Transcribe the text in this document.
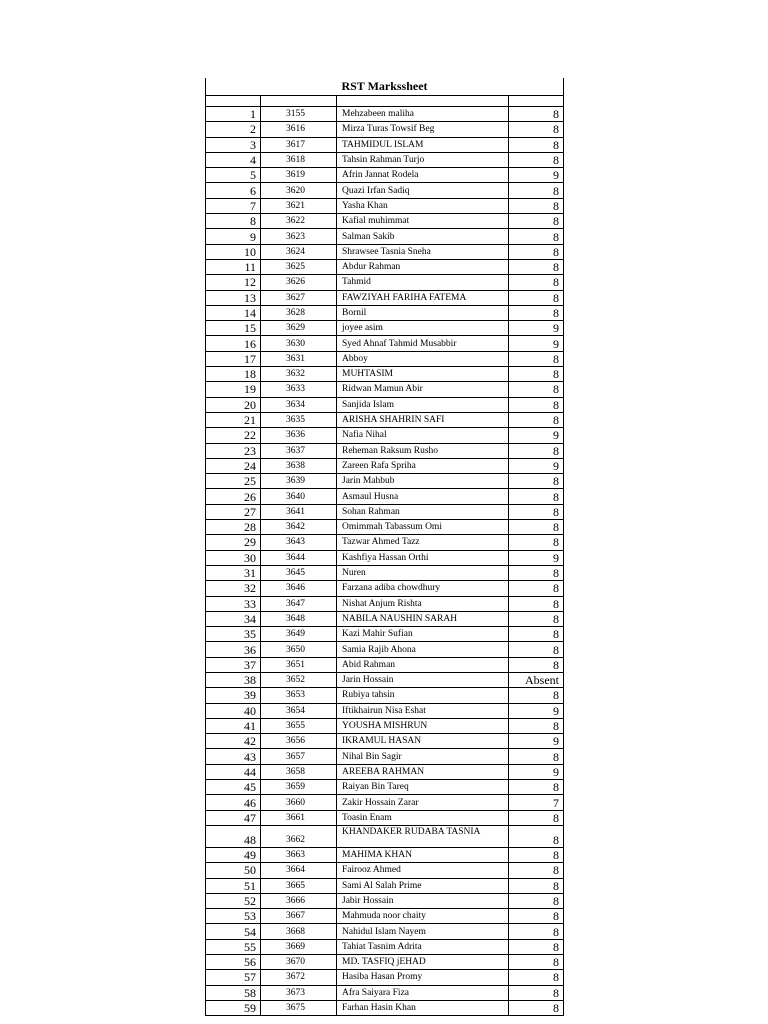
RST Markssheet			

1	3155	Mehzabeen maliha	8
2	3616	Mirza Turas Towsif Beg	8
3	3617	TAHMIDUL ISLAM	8
4	3618	Tahsin Rahman Turjo	8
5	3619	Afrin Jannat Rodela	9
6	3620	Quazi Irfan Sadiq	8
7	3621	Yasha Khan	8
8	3622	Kafial muhimmat	8
9	3623	Salman Sakib	8
10	3624	Shrawsee Tasnia Sneha	8
11	3625	Abdur Rahman	8
12	3626	Tahmid	8
13	3627	FAWZIYAH FARIHA FATEMA	8
14	3628	Bornil	8
15	3629	joyee asim	9
16	3630	Syed Ahnaf Tahmid Musabbir	9
17	3631	Abboy	8
18	3632	MUHTASIM	8
19	3633	Ridwan Mamun Abir	8
20	3634	Sanjida Islam	8
21	3635	ARISHA SHAHRIN SAFI	8
22	3636	Nafia Nihal	9
23	3637	Reheman Raksum Rusho	8
24	3638	Zareen Rafa Spriha	9
25	3639	Jarin Mahbub	8
26	3640	Asmaul Husna	8
27	3641	Sohan Rahman	8
28	3642	Omimmah Tabassum Omi	8
29	3643	Tazwar Ahmed Tazz	8
30	3644	Kashfiya Hassan Orthi	9
31	3645	Nuren	8
32	3646	Farzana adiba chowdhury	8
33	3647	Nishat Anjum Rishta	8
34	3648	NABILA NAUSHIN SARAH	8
35	3649	Kazi Mahir Sufian	8
36	3650	Samia Rajib Ahona	8
37	3651	Abid Rahman	8
38	3652	Jarin Hossain	Absent
39	3653	Rubiya tahsin	8
40	3654	Iftikhairun Nisa Eshat	9
41	3655	YOUSHA MISHRUN	8
42	3656	IKRAMUL HASAN	9
43	3657	Nihal Bin Sagir	8
44	3658	AREEBA RAHMAN	9
45	3659	Raiyan Bin Tareq	8
46	3660	Zakir Hossain Zarar	7
47	3661	Toasin Enam	8
48	3662	KHANDAKER RUDABA TASNIA	8
49	3663	MAHIMA KHAN	8
50	3664	Fairooz Ahmed	8
51	3665	Sami Al Salah Prime	8
52	3666	Jabir Hossain	8
53	3667	Mahmuda noor chaity	8
54	3668	Nahidul Islam Nayem	8
55	3669	Tahiat Tasnim Adrita	8
56	3670	MD. TASFIQ jEHAD	8
57	3672	Hasiba Hasan Promy	8
58	3673	Afra Saiyara Fiza	8
59	3675	Farhan Hasin Khan	8
